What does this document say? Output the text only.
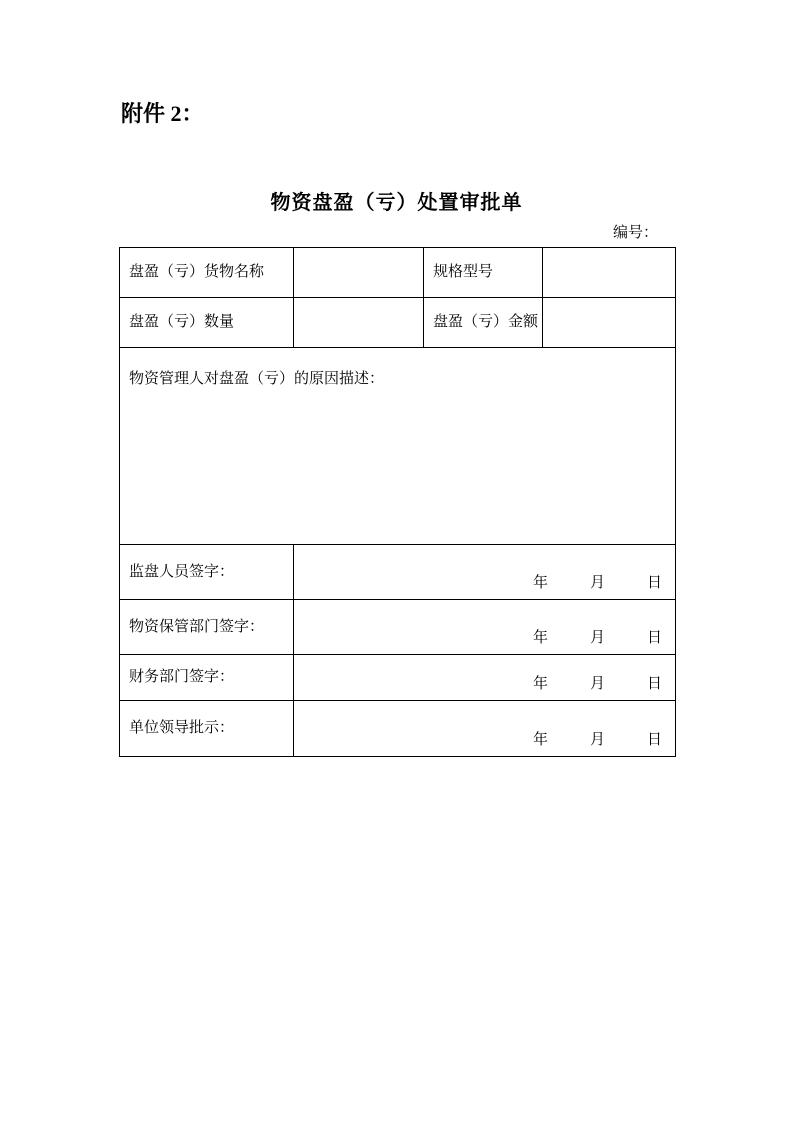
附件 2：
物资盘盈（亏）处置审批单
编号：
盘盈（亏）货物名称	规格型号
盘盈（亏）数量	盘盈（亏）金额
物资管理人对盘盈（亏）的原因描述：
监盘人员签字：
年	月	日
物资保管部门签字：
年	月	日
财务部门签字：	年	月	日
单位领导批示：
年	月	日
